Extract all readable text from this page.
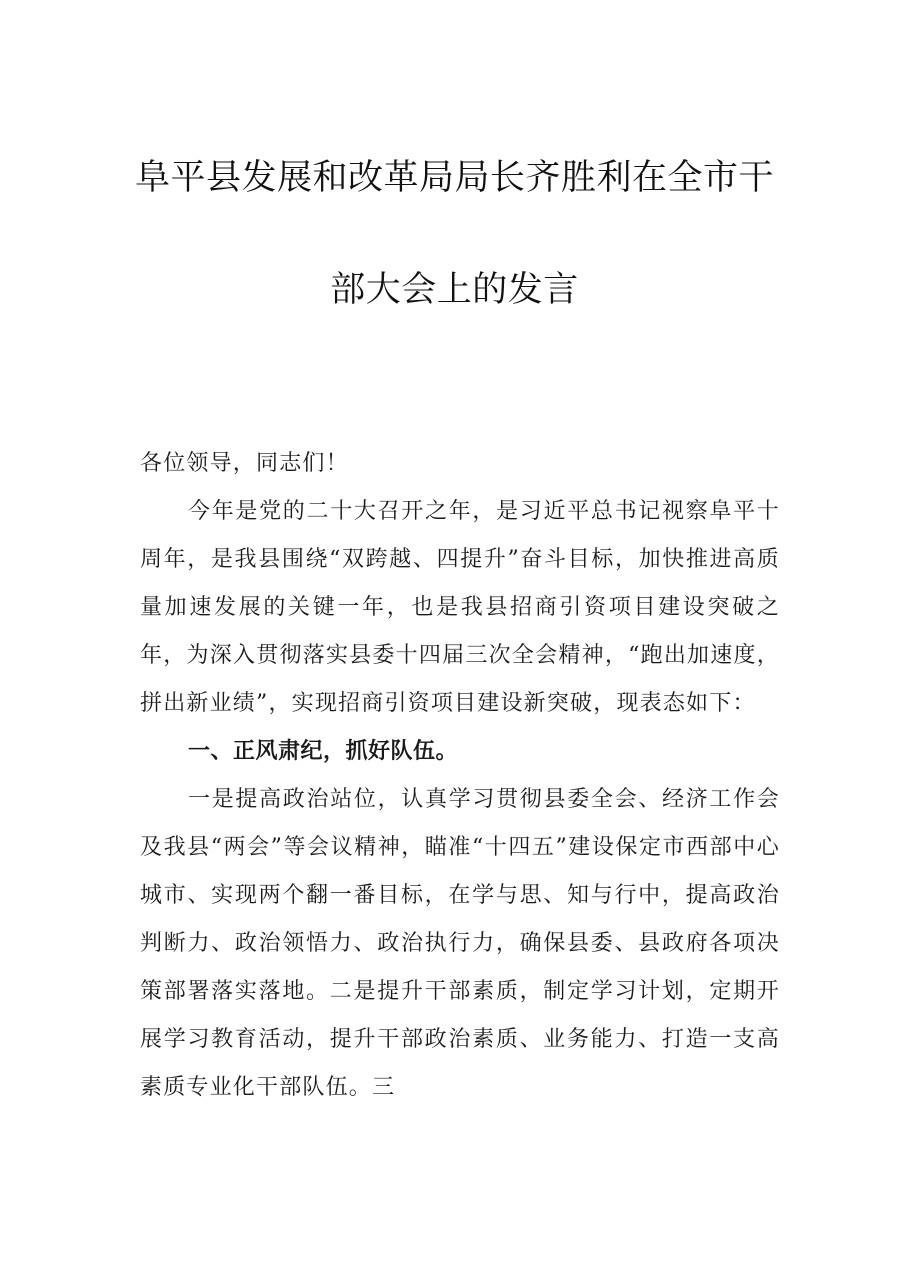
阜平县发展和改革局局长齐胜利在全市干
部大会上的发言

各位领导，同志们！

今年是党的二十大召开之年，是习近平总书记视察阜平十周年，是我县围绕“双跨越、四提升”奋斗目标，加快推进高质量加速发展的关键一年，也是我县招商引资项目建设突破之年，为深入贯彻落实县委十四届三次全会精神，“跑出加速度，拼出新业绩”，实现招商引资项目建设新突破，现表态如下：

一、正风肃纪，抓好队伍。

一是提高政治站位，认真学习贯彻县委全会、经济工作会及我县“两会”等会议精神，瞄准“十四五”建设保定市西部中心城市、实现两个翻一番目标，在学与思、知与行中，提高政治判断力、政治领悟力、政治执行力，确保县委、县政府各项决策部署落实落地。二是提升干部素质，制定学习计划，定期开展学习教育活动，提升干部政治素质、业务能力、打造一支高素质专业化干部队伍。三
